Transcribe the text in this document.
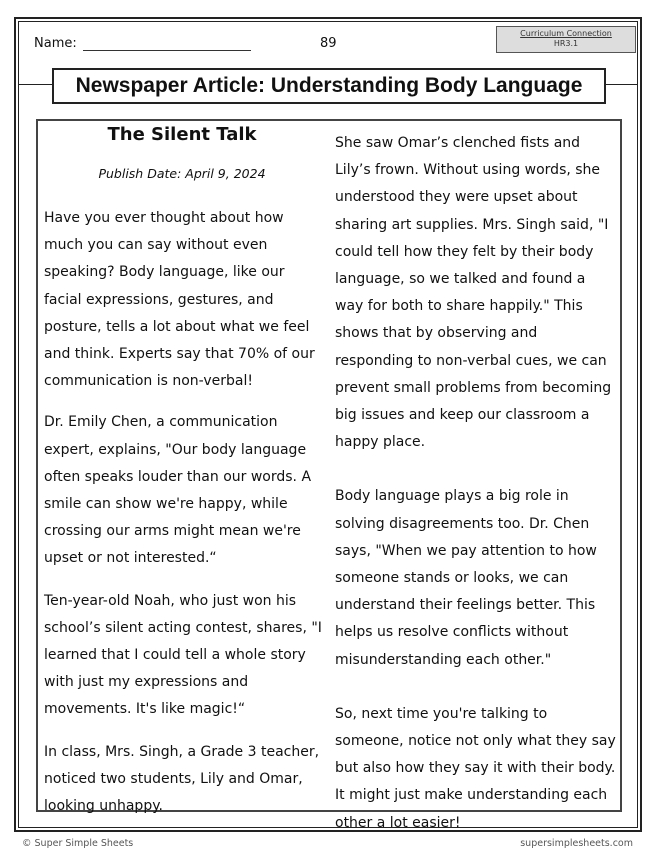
Name:	89
Curriculum Connection
HR3.1
Newspaper Article: Understanding Body Language
The Silent Talk
Publish Date: April 9, 2024

Have you ever thought about how much you can say without even speaking? Body language, like our facial expressions, gestures, and posture, tells a lot about what we feel and think. Experts say that 70% of our communication is non-verbal!

Dr. Emily Chen, a communication expert, explains, "Our body language often speaks louder than our words. A smile can show we're happy, while crossing our arms might mean we're upset or not interested.“

Ten-year-old Noah, who just won his school’s silent acting contest, shares, "I learned that I could tell a whole story with just my expressions and movements. It's like magic!“

In class, Mrs. Singh, a Grade 3 teacher, noticed two students, Lily and Omar, looking unhappy.

She saw Omar’s clenched fists and Lily’s frown. Without using words, she understood they were upset about sharing art supplies. Mrs. Singh said, "I could tell how they felt by their body language, so we talked and found a way for both to share happily." This shows that by observing and responding to non-verbal cues, we can prevent small problems from becoming big issues and keep our classroom a happy place.

Body language plays a big role in solving disagreements too. Dr. Chen says, "When we pay attention to how someone stands or looks, we can understand their feelings better. This helps us resolve conflicts without misunderstanding each other."

So, next time you're talking to someone, notice not only what they say but also how they say it with their body. It might just make understanding each other a lot easier!

© Super Simple Sheets	supersimplesheets.com
